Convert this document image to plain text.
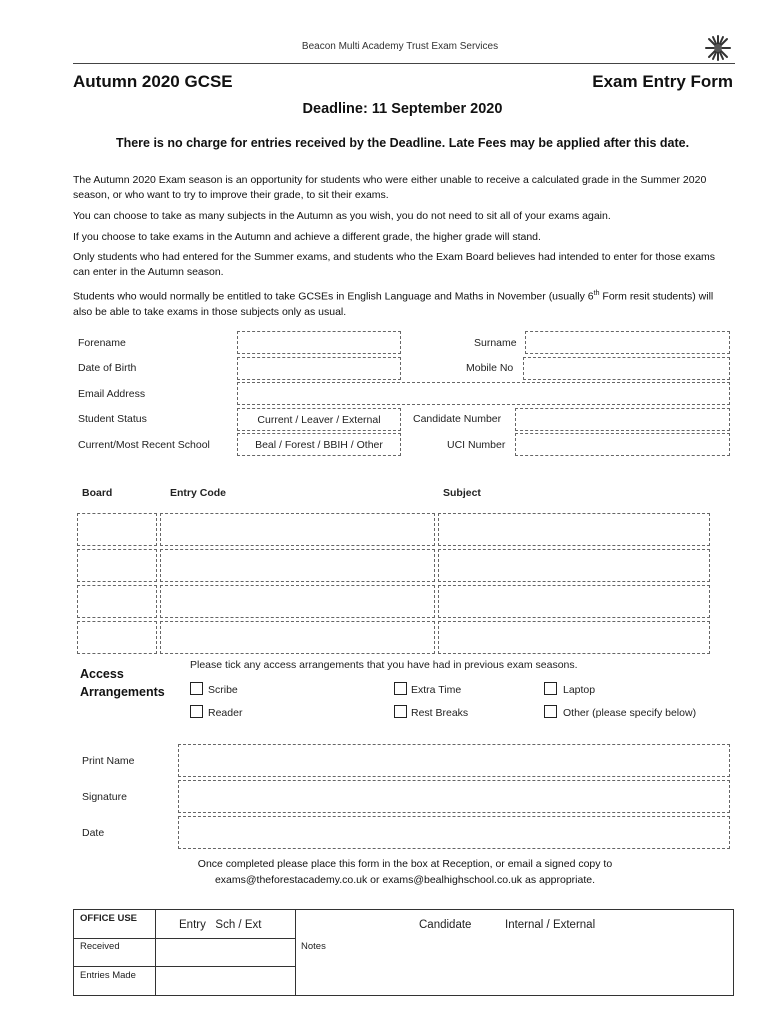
Beacon Multi Academy Trust Exam Services
Autumn 2020 GCSE	Exam Entry Form
Deadline: 11 September 2020
There is no charge for entries received by the Deadline. Late Fees may be applied after this date.
The Autumn 2020 Exam season is an opportunity for students who were either unable to receive a calculated grade in the Summer 2020 season, or who want to try to improve their grade, to sit their exams.
You can choose to take as many subjects in the Autumn as you wish, you do not need to sit all of your exams again.
If you choose to take exams in the Autumn and achieve a different grade, the higher grade will stand.
Only students who had entered for the Summer exams, and students who the Exam Board believes had intended to enter for those exams can enter in the Autumn season.
Students who would normally be entitled to take GCSEs in English Language and Maths in November (usually 6th Form resit students) will also be able to take exams in those subjects only as usual.
Forename	Surname
Date of Birth	Mobile No
Email Address
Student Status	Current / Leaver / External	Candidate Number
Current/Most Recent School	Beal / Forest / BBIH / Other	UCI Number
Board	Entry Code	Subject
Access Arrangements
Please tick any access arrangements that you have had in previous exam seasons.
Scribe	Extra Time	Laptop
Reader	Rest Breaks	Other (please specify below)
Print Name
Signature
Date
Once completed please place this form in the box at Reception, or email a signed copy to
exams@theforestacademy.co.uk or exams@bealhighschool.co.uk as appropriate.
OFFICE USE
Entry   Sch / Ext	Candidate	Internal / External
Received	Notes
Entries Made
